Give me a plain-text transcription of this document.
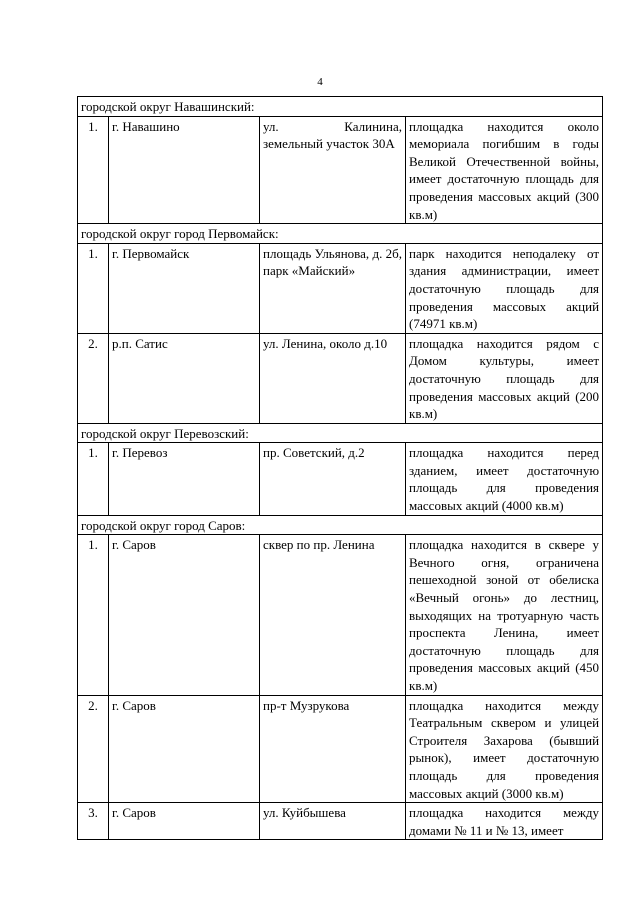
4
городской округ Навашинский:			
1.	г. Навашино	ул. Калинина, земельный участок 30А	площадка находится около мемориала погибшим в годы Великой Отечественной войны, имеет достаточную площадь для проведения массовых акций (300 кв.м)
городской округ город Первомайск:			
1.	г. Первомайск	площадь Ульянова, д. 2б, парк «Майский»	парк находится неподалеку от здания администрации, имеет достаточную площадь для проведения массовых акций (74971 кв.м)
2.	р.п. Сатис	ул. Ленина, около д.10	площадка находится рядом с Домом культуры, имеет достаточную площадь для проведения массовых акций (200 кв.м)
городской округ Перевозский:			
1.	г. Перевоз	пр. Советский, д.2	площадка находится перед зданием, имеет достаточную площадь для проведения массовых акций (4000 кв.м)
городской округ город Саров:			
1.	г. Саров	сквер по пр. Ленина	площадка находится в сквере у Вечного огня, ограничена пешеходной зоной от обелиска «Вечный огонь» до лестниц, выходящих на тротуарную часть проспекта Ленина, имеет достаточную площадь для проведения массовых акций (450 кв.м)
2.	г. Саров	пр-т Музрукова	площадка находится между Театральным сквером и улицей Строителя Захарова (бывший рынок), имеет достаточную площадь для проведения массовых акций (3000 кв.м)
3.	г. Саров	ул. Куйбышева	площадка находится между домами № 11 и № 13, имеет
